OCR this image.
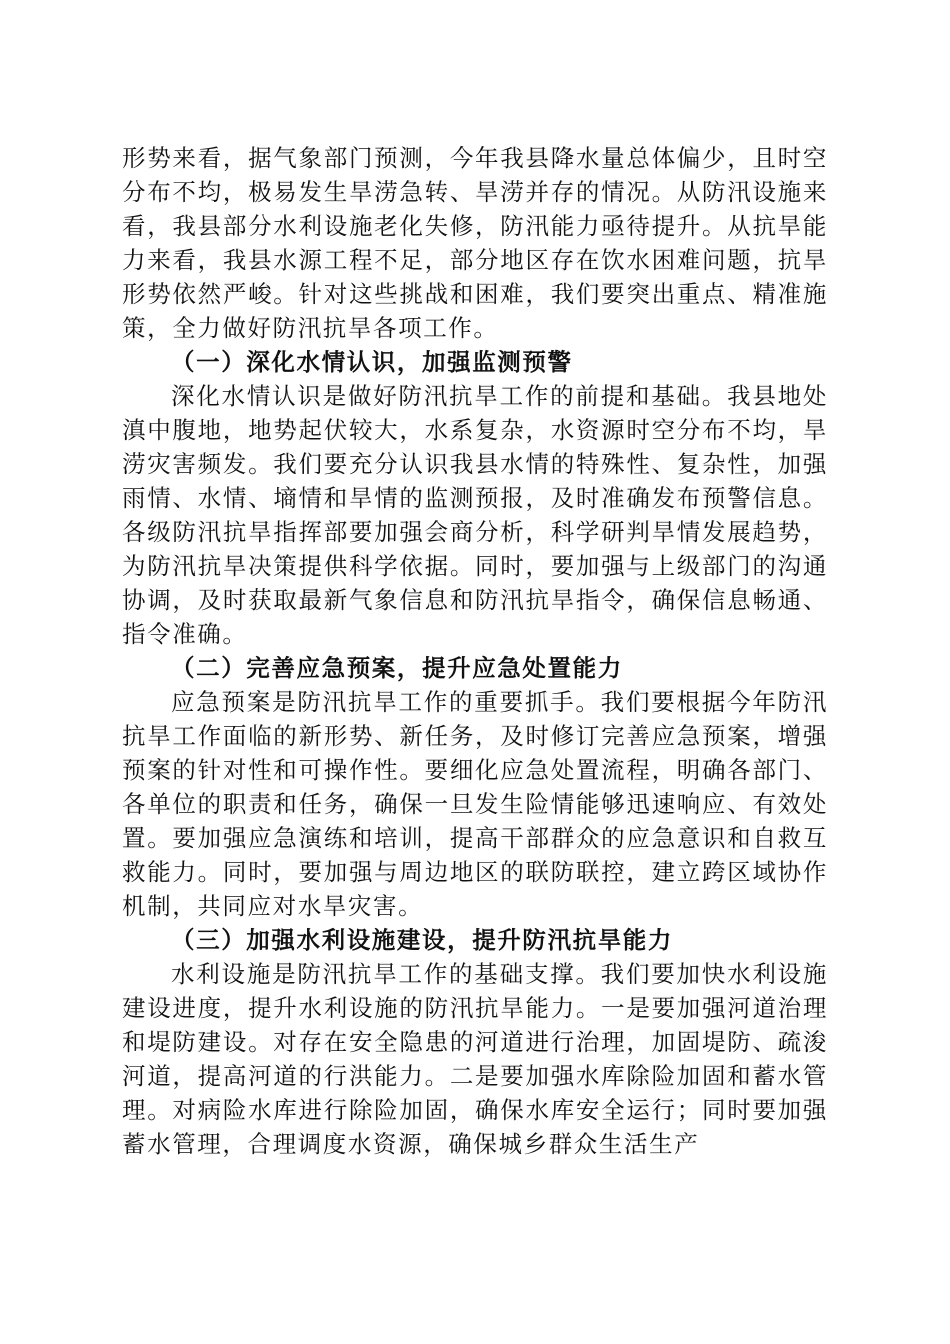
形势来看，据气象部门预测，今年我县降水量总体偏少，且时空分布不均，极易发生旱涝急转、旱涝并存的情况。从防汛设施来看，我县部分水利设施老化失修，防汛能力亟待提升。从抗旱能力来看，我县水源工程不足，部分地区存在饮水困难问题，抗旱形势依然严峻。针对这些挑战和困难，我们要突出重点、精准施策，全力做好防汛抗旱各项工作。

（一）深化水情认识，加强监测预警

深化水情认识是做好防汛抗旱工作的前提和基础。我县地处滇中腹地，地势起伏较大，水系复杂，水资源时空分布不均，旱涝灾害频发。我们要充分认识我县水情的特殊性、复杂性，加强雨情、水情、墒情和旱情的监测预报，及时准确发布预警信息。各级防汛抗旱指挥部要加强会商分析，科学研判旱情发展趋势，为防汛抗旱决策提供科学依据。同时，要加强与上级部门的沟通协调，及时获取最新气象信息和防汛抗旱指令，确保信息畅通、指令准确。

（二）完善应急预案，提升应急处置能力

应急预案是防汛抗旱工作的重要抓手。我们要根据今年防汛抗旱工作面临的新形势、新任务，及时修订完善应急预案，增强预案的针对性和可操作性。要细化应急处置流程，明确各部门、各单位的职责和任务，确保一旦发生险情能够迅速响应、有效处置。要加强应急演练和培训，提高干部群众的应急意识和自救互救能力。同时，要加强与周边地区的联防联控，建立跨区域协作机制，共同应对水旱灾害。

（三）加强水利设施建设，提升防汛抗旱能力

水利设施是防汛抗旱工作的基础支撑。我们要加快水利设施建设进度，提升水利设施的防汛抗旱能力。一是要加强河道治理和堤防建设。对存在安全隐患的河道进行治理，加固堤防、疏浚河道，提高河道的行洪能力。二是要加强水库除险加固和蓄水管理。对病险水库进行除险加固，确保水库安全运行；同时要加强蓄水管理，合理调度水资源，确保城乡群众生活生产
